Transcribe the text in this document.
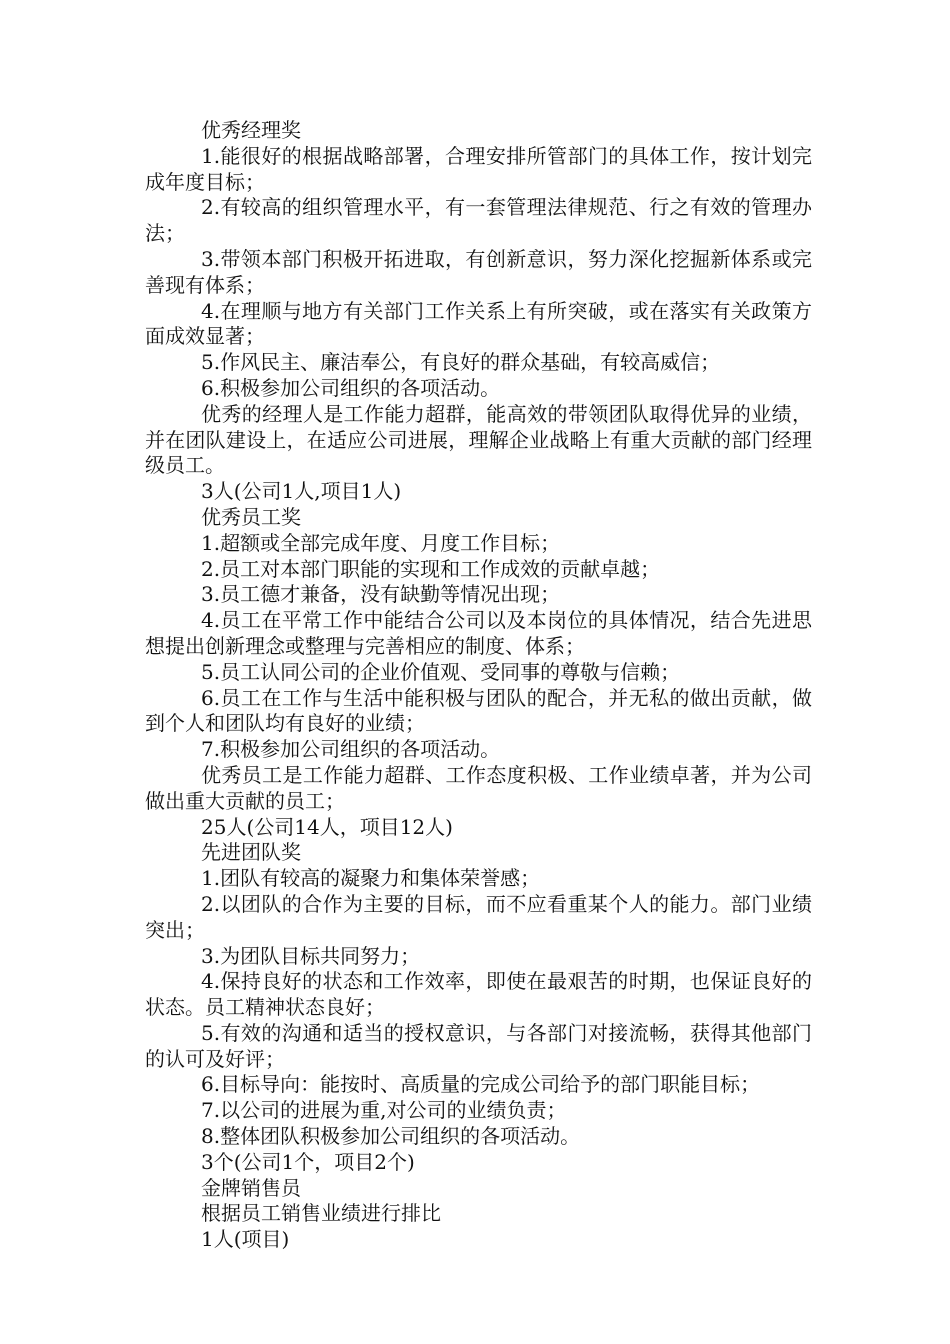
优秀经理奖

1.能很好的根据战略部署，合理安排所管部门的具体工作，按计划完成年度目标；

2.有较高的组织管理水平，有一套管理法律规范、行之有效的管理办法；

3.带领本部门积极开拓进取，有创新意识，努力深化挖掘新体系或完善现有体系；

4.在理顺与地方有关部门工作关系上有所突破，或在落实有关政策方面成效显著；

5.作风民主、廉洁奉公，有良好的群众基础，有较高威信；

6.积极参加公司组织的各项活动。

优秀的经理人是工作能力超群，能高效的带领团队取得优异的业绩，并在团队建设上，在适应公司进展，理解企业战略上有重大贡献的部门经理级员工。

3人(公司1人,项目1人)

优秀员工奖

1.超额或全部完成年度、月度工作目标；

2.员工对本部门职能的实现和工作成效的贡献卓越；

3.员工德才兼备，没有缺勤等情况出现；

4.员工在平常工作中能结合公司以及本岗位的具体情况，结合先进思想提出创新理念或整理与完善相应的制度、体系；

5.员工认同公司的企业价值观、受同事的尊敬与信赖；

6.员工在工作与生活中能积极与团队的配合，并无私的做出贡献，做到个人和团队均有良好的业绩；

7.积极参加公司组织的各项活动。

优秀员工是工作能力超群、工作态度积极、工作业绩卓著，并为公司做出重大贡献的员工；

25人(公司14人，项目12人)

先进团队奖

1.团队有较高的凝聚力和集体荣誉感；

2.以团队的合作为主要的目标，而不应看重某个人的能力。部门业绩突出；

3.为团队目标共同努力；

4.保持良好的状态和工作效率，即使在最艰苦的时期，也保证良好的状态。员工精神状态良好；

5.有效的沟通和适当的授权意识，与各部门对接流畅，获得其他部门的认可及好评；

6.目标导向：能按时、高质量的完成公司给予的部门职能目标；

7.以公司的进展为重,对公司的业绩负责；

8.整体团队积极参加公司组织的各项活动。

3个(公司1个，项目2个)

金牌销售员

根据员工销售业绩进行排比

1人(项目)
